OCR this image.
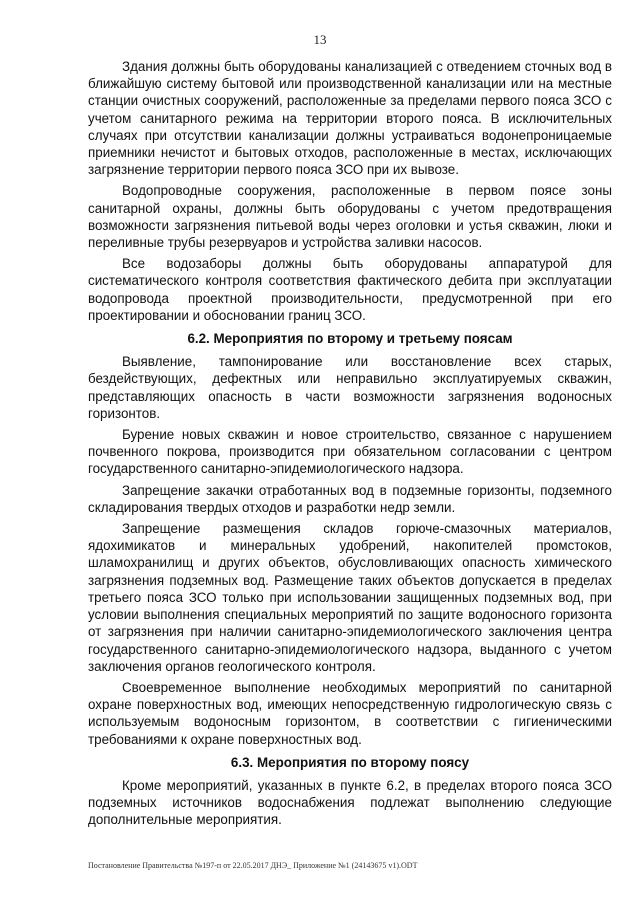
13

Здания должны быть оборудованы канализацией с отведением сточных вод в ближайшую систему бытовой или производственной канализации или на местные станции очистных сооружений, расположенные за пределами первого пояса ЗСО с учетом санитарного режима на территории второго пояса. В исключительных случаях при отсутствии канализации должны устраиваться водонепроницаемые приемники нечистот и бытовых отходов, расположенные в местах, исключающих загрязнение территории первого пояса ЗСО при их вывозе.

Водопроводные сооружения, расположенные в первом поясе зоны санитарной охраны, должны быть оборудованы с учетом предотвращения возможности загрязнения питьевой воды через оголовки и устья скважин, люки и переливные трубы резервуаров и устройства заливки насосов.

Все водозаборы должны быть оборудованы аппаратурой для систематического контроля соответствия фактического дебита при эксплуатации водопровода проектной производительности, предусмотренной при его проектировании и обосновании границ ЗСО.

6.2. Мероприятия по второму и третьему поясам

Выявление, тампонирование или восстановление всех старых, бездействующих, дефектных или неправильно эксплуатируемых скважин, представляющих опасность в части возможности загрязнения водоносных горизонтов.

Бурение новых скважин и новое строительство, связанное с нарушением почвенного покрова, производится при обязательном согласовании с центром государственного санитарно-эпидемиологического надзора.

Запрещение закачки отработанных вод в подземные горизонты, подземного складирования твердых отходов и разработки недр земли.

Запрещение размещения складов горюче-смазочных материалов, ядохимикатов и минеральных удобрений, накопителей промстоков, шламохранилищ и других объектов, обусловливающих опасность химического загрязнения подземных вод. Размещение таких объектов допускается в пределах третьего пояса ЗСО только при использовании защищенных подземных вод, при условии выполнения специальных мероприятий по защите водоносного горизонта от загрязнения при наличии санитарно-эпидемиологического заключения центра государственного санитарно-эпидемиологического надзора, выданного с учетом заключения органов геологического контроля.

Своевременное выполнение необходимых мероприятий по санитарной охране поверхностных вод, имеющих непосредственную гидрологическую связь с используемым водоносным горизонтом, в соответствии с гигиеническими требованиями к охране поверхностных вод.

6.3. Мероприятия по второму поясу

Кроме мероприятий, указанных в пункте 6.2, в пределах второго пояса ЗСО подземных источников водоснабжения подлежат выполнению следующие дополнительные мероприятия.

Постановление Правительства №197-п от 22.05.2017 ДНЭ_ Приложение №1 (24143675 v1).ODT
